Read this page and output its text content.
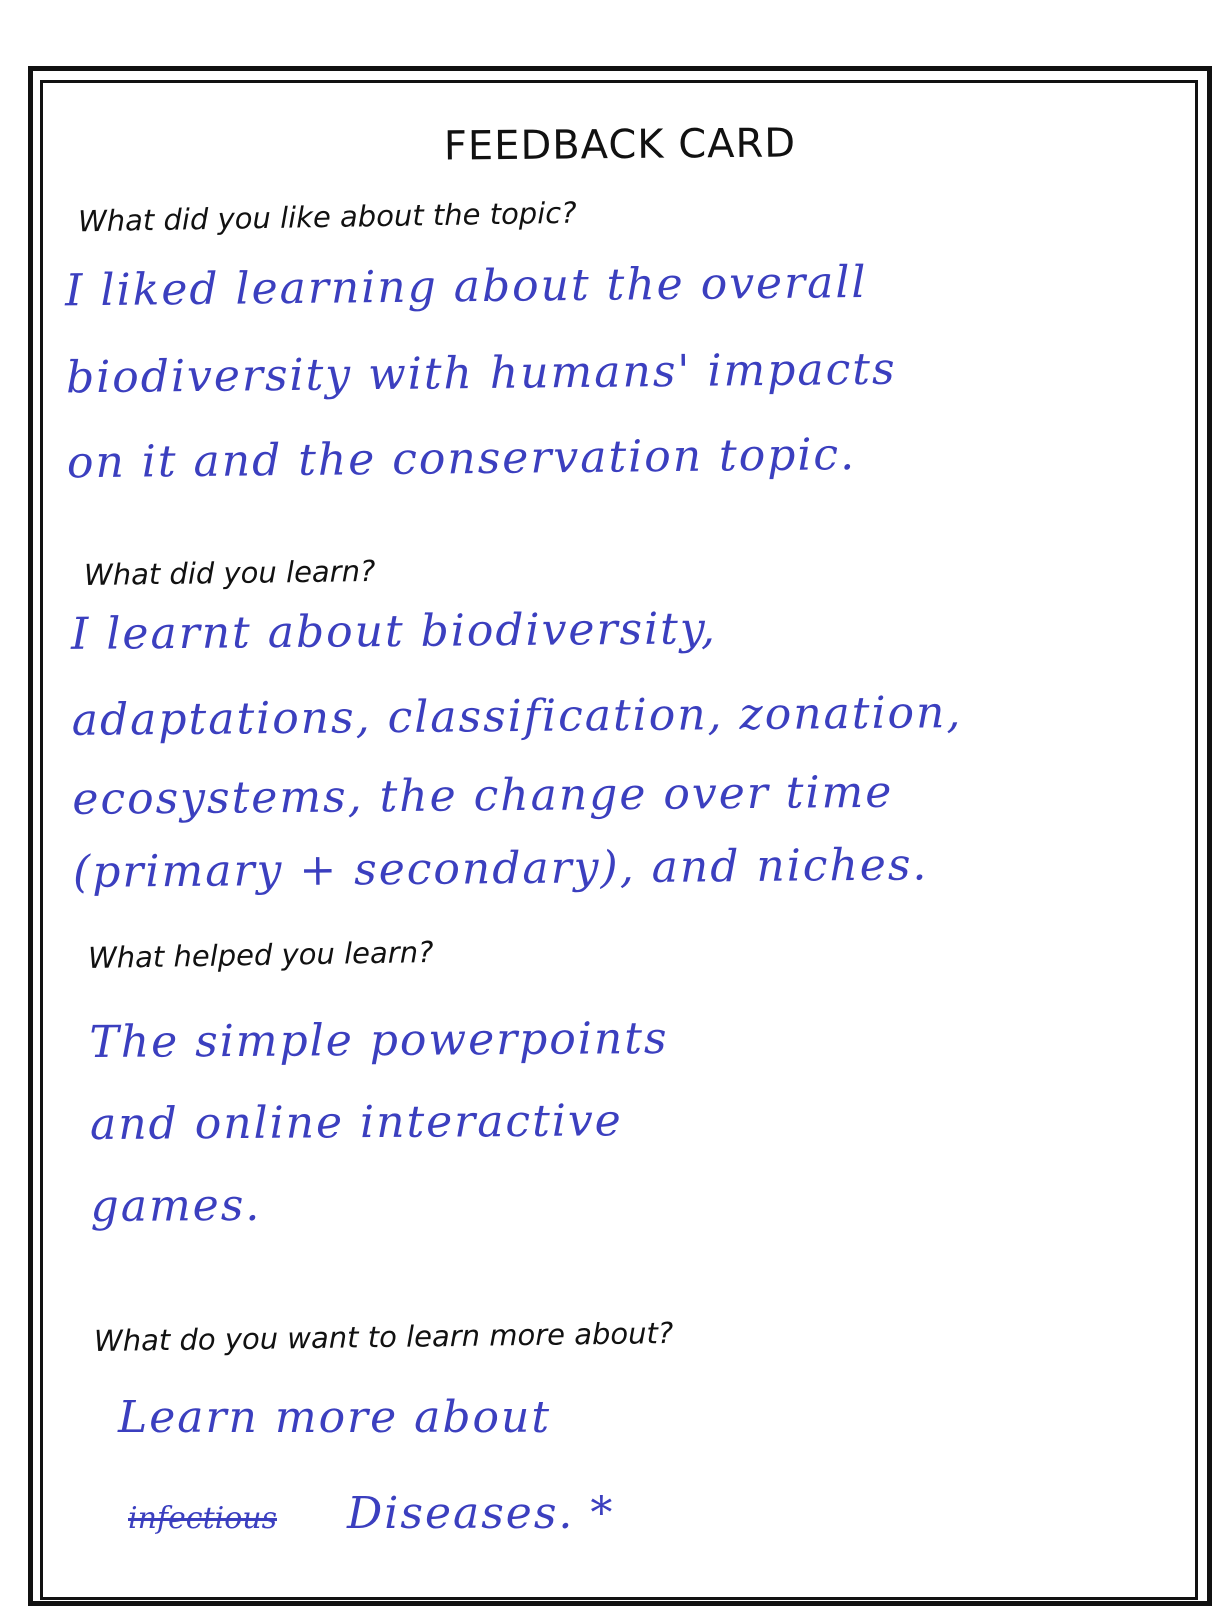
FEEDBACK CARD
What did you like about the topic?
I liked learning about the overall
biodiversity with humans' impacts
on it and the conservation topic.
What did you learn?
I learnt about biodiversity,
adaptations, classification, zonation,
ecosystems, the change over time
(primary + secondary), and niches.
What helped you learn?
The simple powerpoints
and online interactive
games.
What do you want to learn more about?
Learn more about
infectious Diseases. *
